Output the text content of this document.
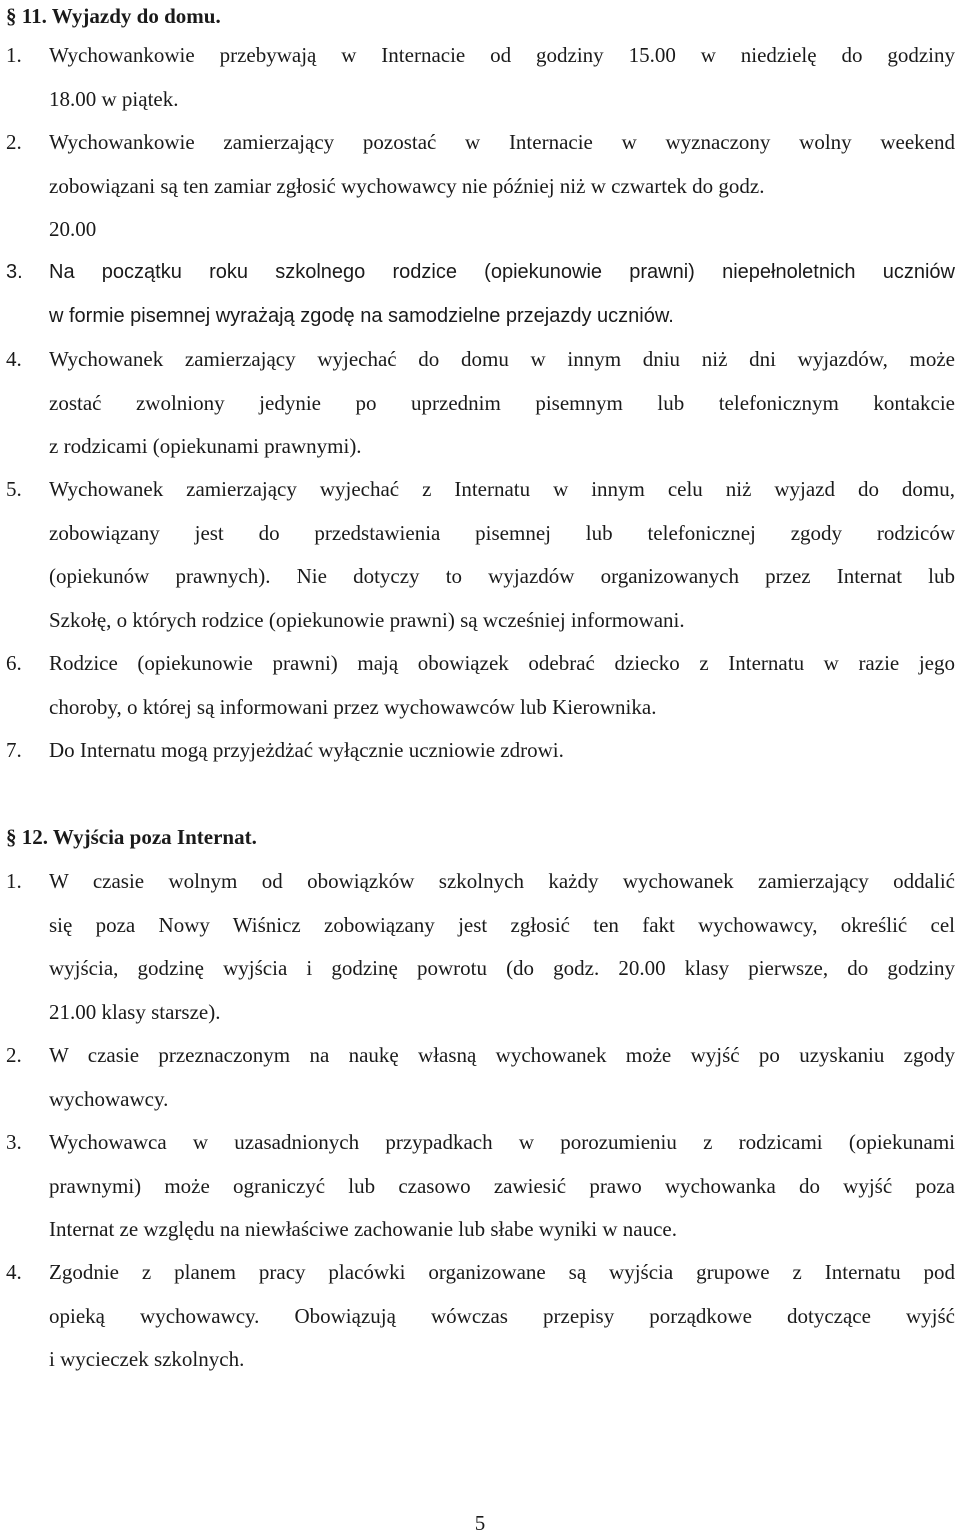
§ 11. Wyjazdy do domu.
1. Wychowankowie przebywają w Internacie od godziny 15.00 w niedzielę do godziny
18.00 w piątek.
2. Wychowankowie zamierzający pozostać w Internacie w wyznaczony wolny weekend
zobowiązani są ten zamiar zgłosić wychowawcy nie później niż w czwartek do godz.
20.00
3. Na początku roku szkolnego rodzice (opiekunowie prawni) niepełnoletnich uczniów
w formie pisemnej wyrażają zgodę na samodzielne przejazdy uczniów.
4. Wychowanek zamierzający wyjechać do domu w innym dniu niż dni wyjazdów, może
zostać zwolniony jedynie po uprzednim pisemnym lub telefonicznym kontakcie
z rodzicami (opiekunami prawnymi).
5. Wychowanek zamierzający wyjechać z Internatu w innym celu niż wyjazd do domu,
zobowiązany jest do przedstawienia pisemnej lub telefonicznej zgody rodziców
(opiekunów prawnych). Nie dotyczy to wyjazdów organizowanych przez Internat lub
Szkołę, o których rodzice (opiekunowie prawni) są wcześniej informowani.
6. Rodzice (opiekunowie prawni) mają obowiązek odebrać dziecko z Internatu w razie jego
choroby, o której są informowani przez wychowawców lub Kierownika.
7. Do Internatu mogą przyjeżdżać wyłącznie uczniowie zdrowi.
§ 12. Wyjścia poza Internat.
1. W czasie wolnym od obowiązków szkolnych każdy wychowanek zamierzający oddalić
się poza Nowy Wiśnicz zobowiązany jest zgłosić ten fakt wychowawcy, określić cel
wyjścia, godzinę wyjścia i godzinę powrotu (do godz. 20.00 klasy pierwsze, do godziny
21.00 klasy starsze).
2. W czasie przeznaczonym na naukę własną wychowanek może wyjść po uzyskaniu zgody
wychowawcy.
3. Wychowawca w uzasadnionych przypadkach w porozumieniu z rodzicami (opiekunami
prawnymi) może ograniczyć lub czasowo zawiesić prawo wychowanka do wyjść poza
Internat ze względu na niewłaściwe zachowanie lub słabe wyniki w nauce.
4. Zgodnie z planem pracy placówki organizowane są wyjścia grupowe z Internatu pod
opieką wychowawcy. Obowiązują wówczas przepisy porządkowe dotyczące wyjść
i wycieczek szkolnych.
5
